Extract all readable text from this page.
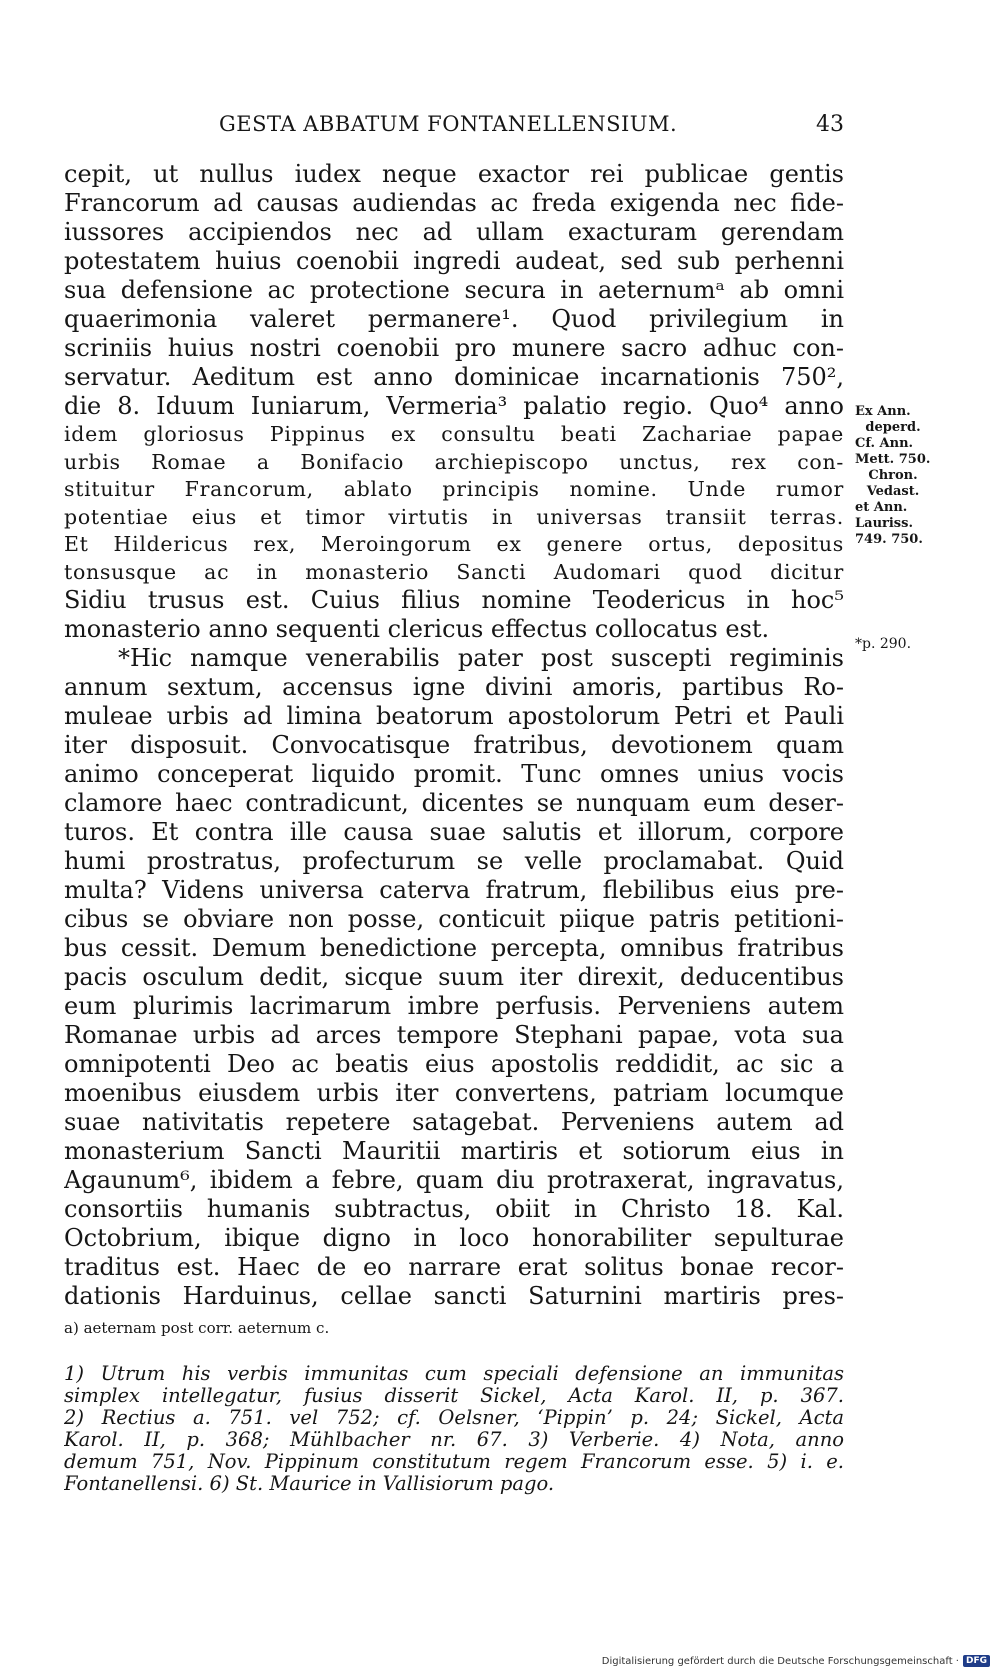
GESTA ABBATUM FONTANELLENSIUM.	43
cepit, ut nullus iudex neque exactor rei publicae gentis
Francorum ad causas audiendas ac freda exigenda nec fide-
iussores accipiendos nec ad ullam exacturam gerendam
potestatem huius coenobii ingredi audeat, sed sub perhenni
sua defensione ac protectione secura in aeternumᵃ ab omni
quaerimonia valeret permanere¹. Quod privilegium in
scriniis huius nostri coenobii pro munere sacro adhuc con-
servatur. Aeditum est anno dominicae incarnationis 750²,
die 8. Iduum Iuniarum, Vermeria³ palatio regio. Quo⁴ anno
idem gloriosus Pippinus ex consultu beati Zachariae papae
urbis Romae a Bonifacio archiepiscopo unctus, rex con-
stituitur Francorum, ablato principis nomine. Unde rumor
potentiae eius et timor virtutis in universas transiit terras.
Et Hildericus rex, Meroingorum ex genere ortus, depositus
tonsusque ac in monasterio Sancti Audomari quod dicitur
Sidiu trusus est. Cuius filius nomine Teodericus in hoc⁵
monasterio anno sequenti clericus effectus collocatus est.
*Hic namque venerabilis pater post suscepti regiminis
annum sextum, accensus igne divini amoris, partibus Ro-
muleae urbis ad limina beatorum apostolorum Petri et Pauli
iter disposuit. Convocatisque fratribus, devotionem quam
animo conceperat liquido promit. Tunc omnes unius vocis
clamore haec contradicunt, dicentes se nunquam eum deser-
turos. Et contra ille causa suae salutis et illorum, corpore
humi prostratus, profecturum se velle proclamabat. Quid
multa? Videns universa caterva fratrum, flebilibus eius pre-
cibus se obviare non posse, conticuit piique patris petitioni-
bus cessit. Demum benedictione percepta, omnibus fratribus
pacis osculum dedit, sicque suum iter direxit, deducentibus
eum plurimis lacrimarum imbre perfusis. Perveniens autem
Romanae urbis ad arces tempore Stephani papae, vota sua
omnipotenti Deo ac beatis eius apostolis reddidit, ac sic a
moenibus eiusdem urbis iter convertens, patriam locumque
suae nativitatis repetere satagebat. Perveniens autem ad
monasterium Sancti Mauritii martiris et sotiorum eius in
Agaunum⁶, ibidem a febre, quam diu protraxerat, ingravatus,
consortiis humanis subtractus, obiit in Christo 18. Kal.
Octobrium, ibique digno in loco honorabiliter sepulturae
traditus est. Haec de eo narrare erat solitus bonae recor-
dationis Harduinus, cellae sancti Saturnini martiris pres-
Ex Ann.
deperd.
Cf. Ann.
Mett. 750.
Chron.
Vedast.
et Ann.
Lauriss.
749. 750.
*p. 290.
a) aeternam post corr. aeternum c.
1) Utrum his verbis immunitas cum speciali defensione an immunitas
simplex intellegatur, fusius disserit Sickel, Acta Karol. II, p. 367.
2) Rectius a. 751. vel 752; cf. Oelsner, ‘Pippin’ p. 24; Sickel, Acta
Karol. II, p. 368; Mühlbacher nr. 67. 3) Verberie. 4) Nota, anno
demum 751, Nov. Pippinum constitutum regem Francorum esse. 5) i. e.
Fontanellensi. 6) St. Maurice in Vallisiorum pago.
Digitalisierung gefördert durch die Deutsche Forschungsgemeinschaft · DFG
